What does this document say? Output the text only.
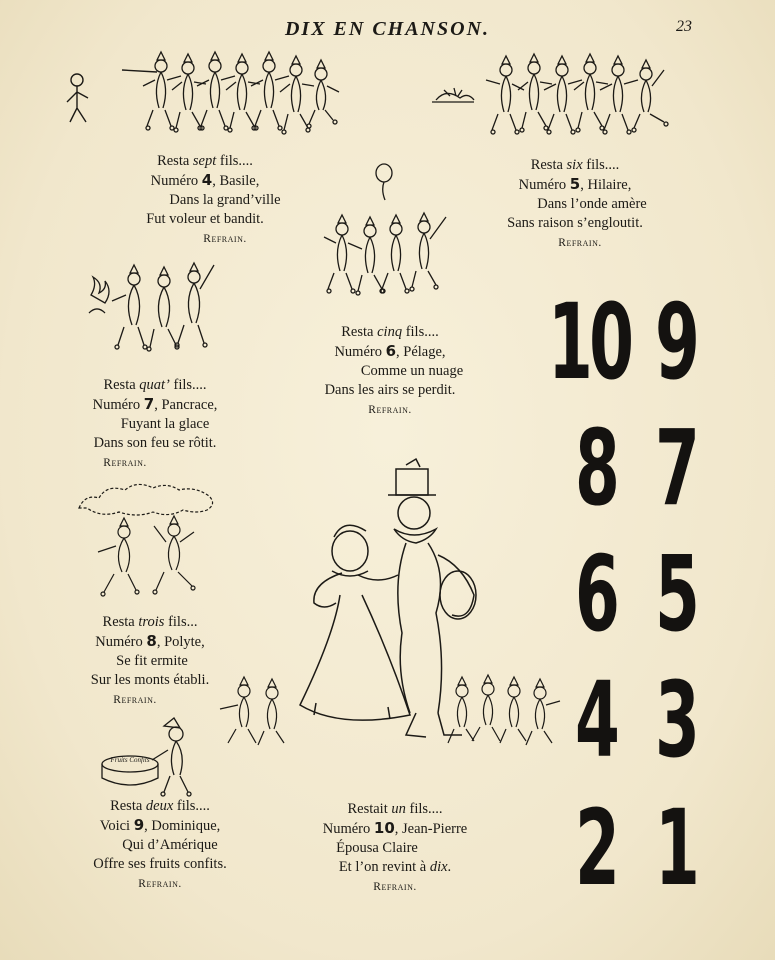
DIX EN CHANSON.	23
Resta sept fils....
Numéro 4, Basile,
Dans la grand’ville
Fut voleur et bandit.
Refrain.
Resta six fils....
Numéro 5, Hilaire,
Dans l’onde amère
Sans raison s’engloutit.
Refrain.
Resta cinq fils....
Numéro 6, Pélage,
Comme un nuage
Dans les airs se perdit.
Refrain.
Resta quat’ fils....
Numéro 7, Pancrace,
Fuyant la glace
Dans son feu se rôtit.
Refrain.
Resta trois fils...
Numéro 8, Polyte,
Se fit ermite
Sur les monts établi.
Refrain.
Resta deux fils....
Voici 9, Dominique,
Qui d’Amérique
Offre ses fruits confits.
Refrain.
Restait un fils....
Numéro 10, Jean-Pierre
Épousa Claire
Et l’on revint à dix.
Refrain.
10 9
8 7
6 5
4 3
2 1
Fruits Confits
